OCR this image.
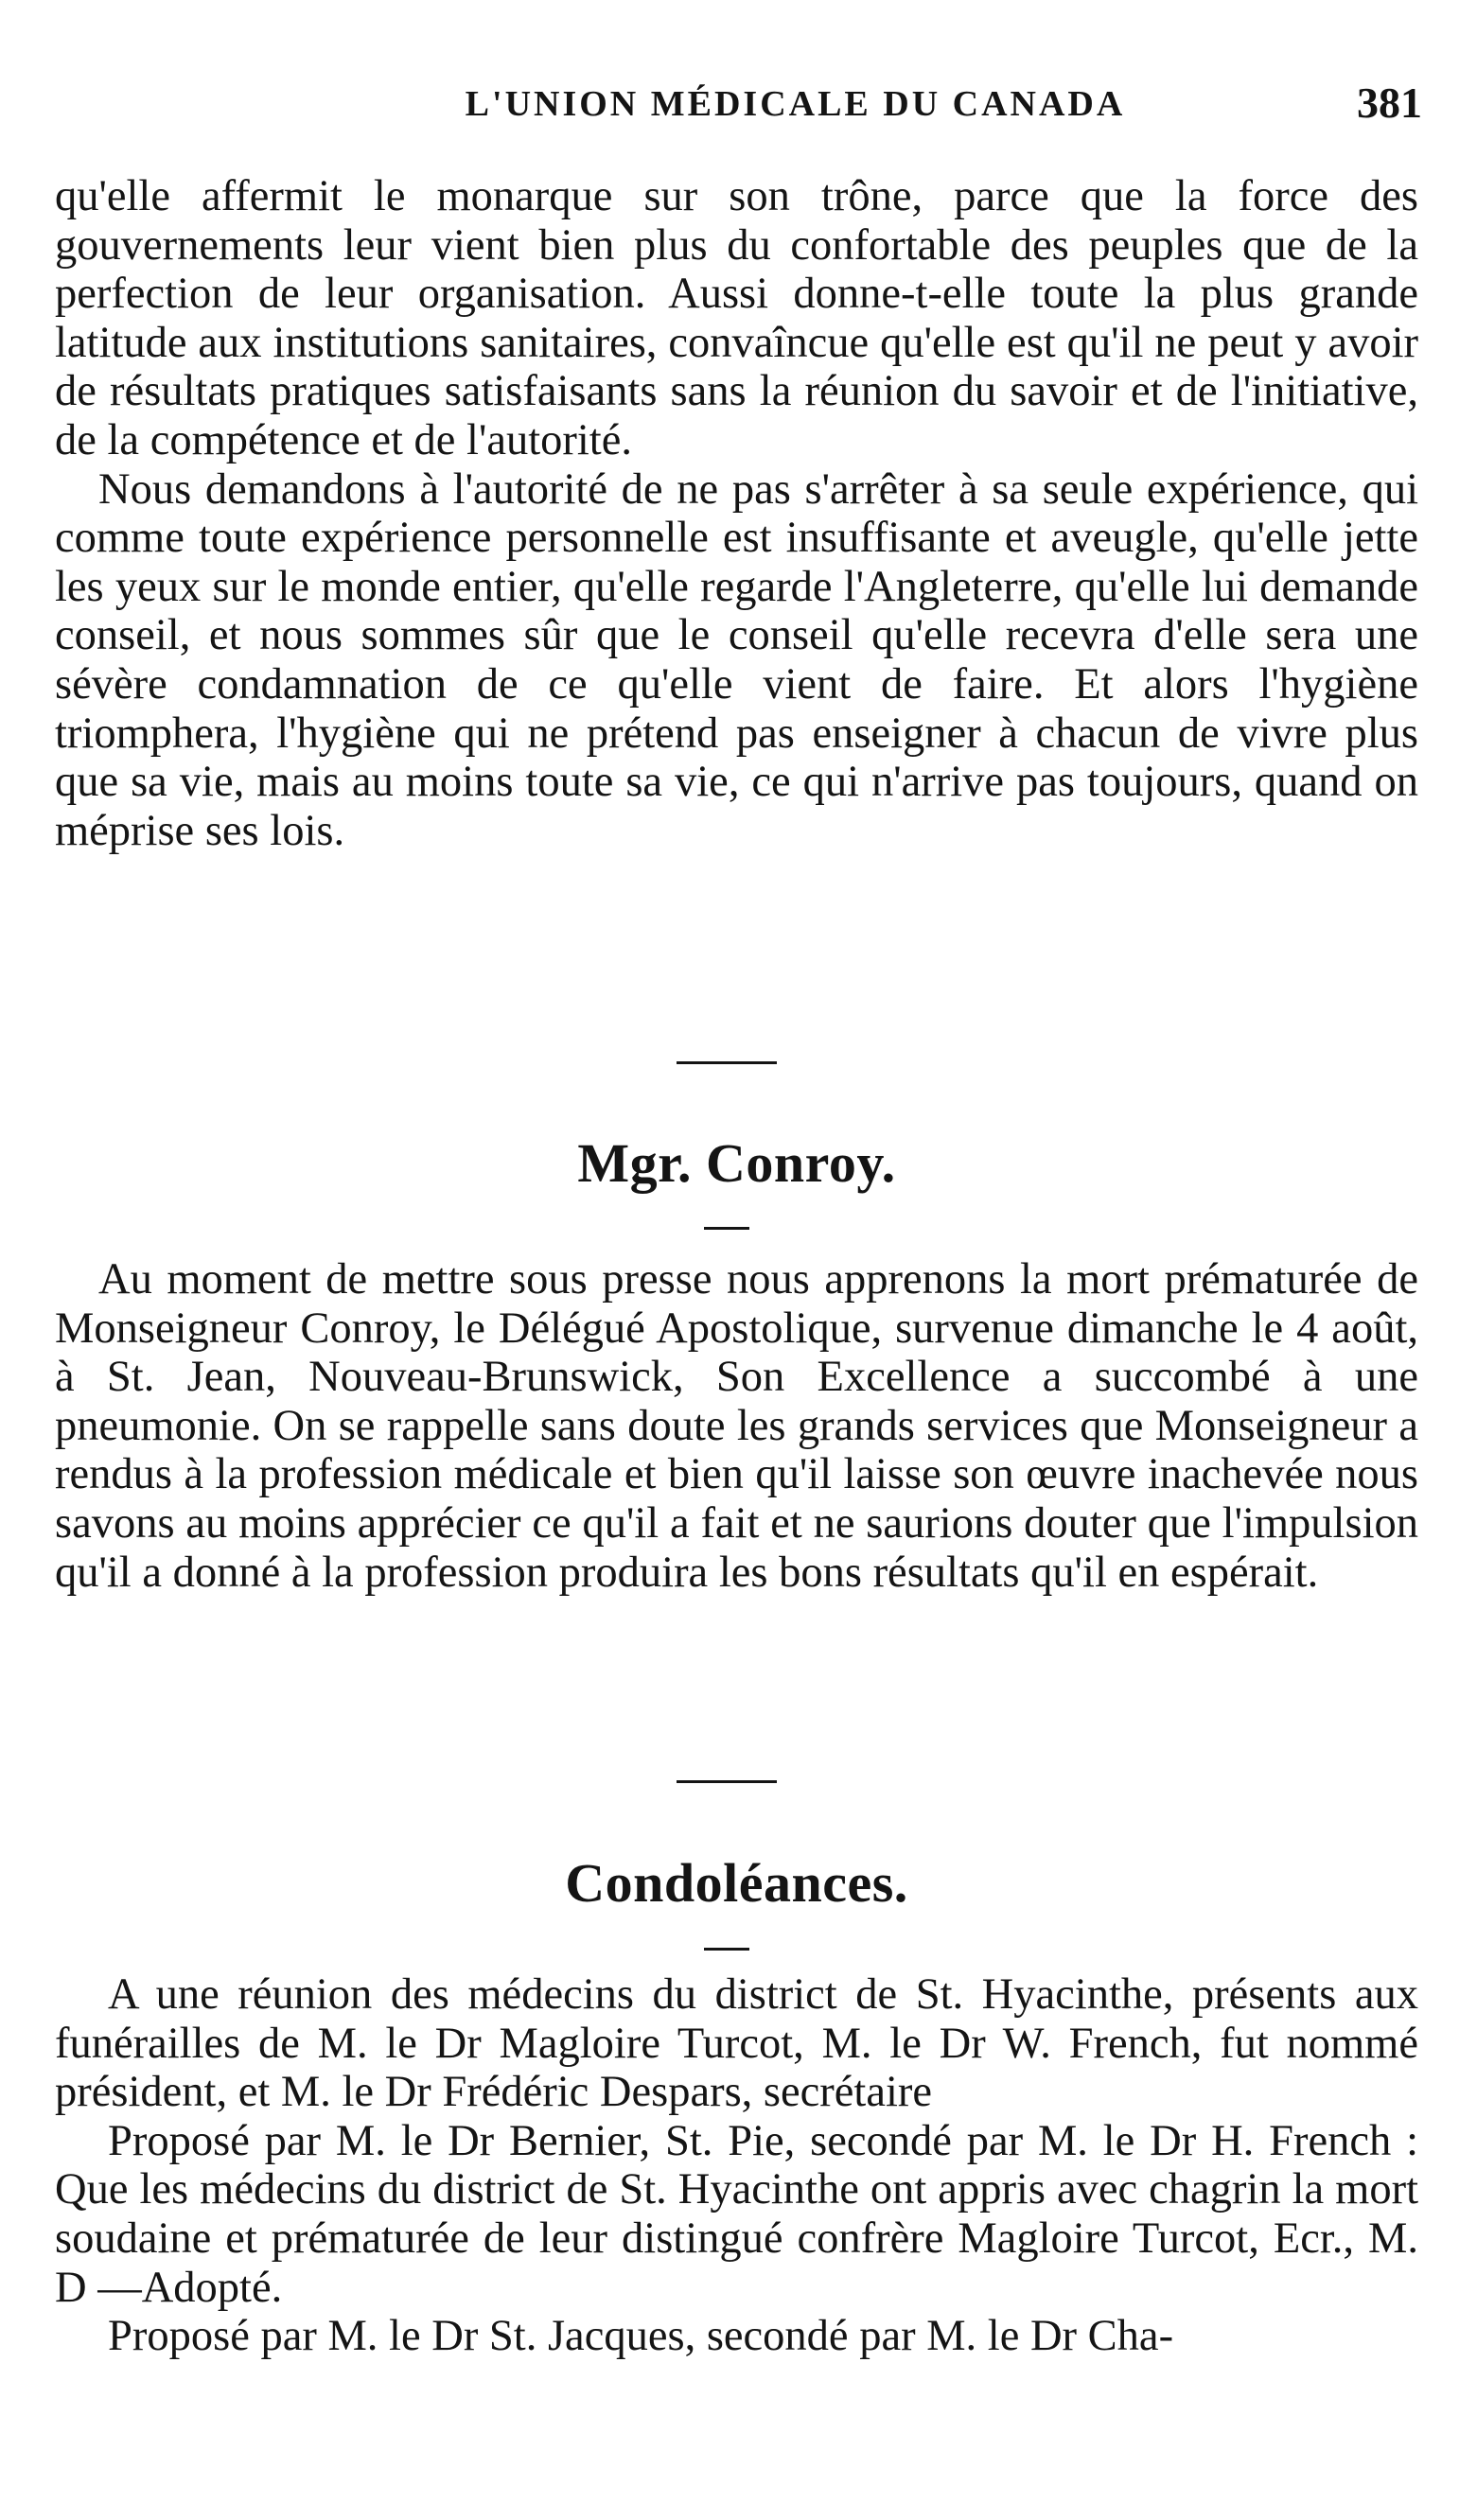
L'UNION MÉDICALE DU CANADA	381

qu'elle affermit le monarque sur son trône, parce que la force des gouvernements leur vient bien plus du confortable des peuples que de la perfection de leur organisation. Aussi donne-t-elle toute la plus grande latitude aux institutions sanitaires, convaîncue qu'elle est qu'il ne peut y avoir de résultats pratiques satisfaisants sans la réunion du savoir et de l'initiative, de la compétence et de l'autorité.

Nous demandons à l'autorité de ne pas s'arrêter à sa seule expérience, qui comme toute expérience personnelle est insuffisante et aveugle, qu'elle jette les yeux sur le monde entier, qu'elle regarde l'Angleterre, qu'elle lui demande conseil, et nous sommes sûr que le conseil qu'elle recevra d'elle sera une sévère condamnation de ce qu'elle vient de faire. Et alors l'hygiène triomphera, l'hygiène qui ne prétend pas enseigner à chacun de vivre plus que sa vie, mais au moins toute sa vie, ce qui n'arrive pas toujours, quand on méprise ses lois.

Mgr. Conroy.

Au moment de mettre sous presse nous apprenons la mort prématurée de Monseigneur Conroy, le Délégué Apostolique, survenue dimanche le 4 août, à St. Jean, Nouveau-Brunswick, Son Excellence a succombé à une pneumonie. On se rappelle sans doute les grands services que Monseigneur a rendus à la profession médicale et bien qu'il laisse son œuvre inachevée nous savons au moins apprécier ce qu'il a fait et ne saurions douter que l'impulsion qu'il a donné à la profession produira les bons résultats qu'il en espérait.

Condoléances.

A une réunion des médecins du district de St. Hyacinthe, présents aux funérailles de M. le Dr Magloire Turcot, M. le Dr W. French, fut nommé président, et M. le Dr Frédéric Despars, secrétaire

Proposé par M. le Dr Bernier, St. Pie, secondé par M. le Dr H. French : Que les médecins du district de St. Hyacinthe ont appris avec chagrin la mort soudaine et prématurée de leur distingué confrère Magloire Turcot, Ecr., M. D —Adopté.

Proposé par M. le Dr St. Jacques, secondé par M. le Dr Cha-
